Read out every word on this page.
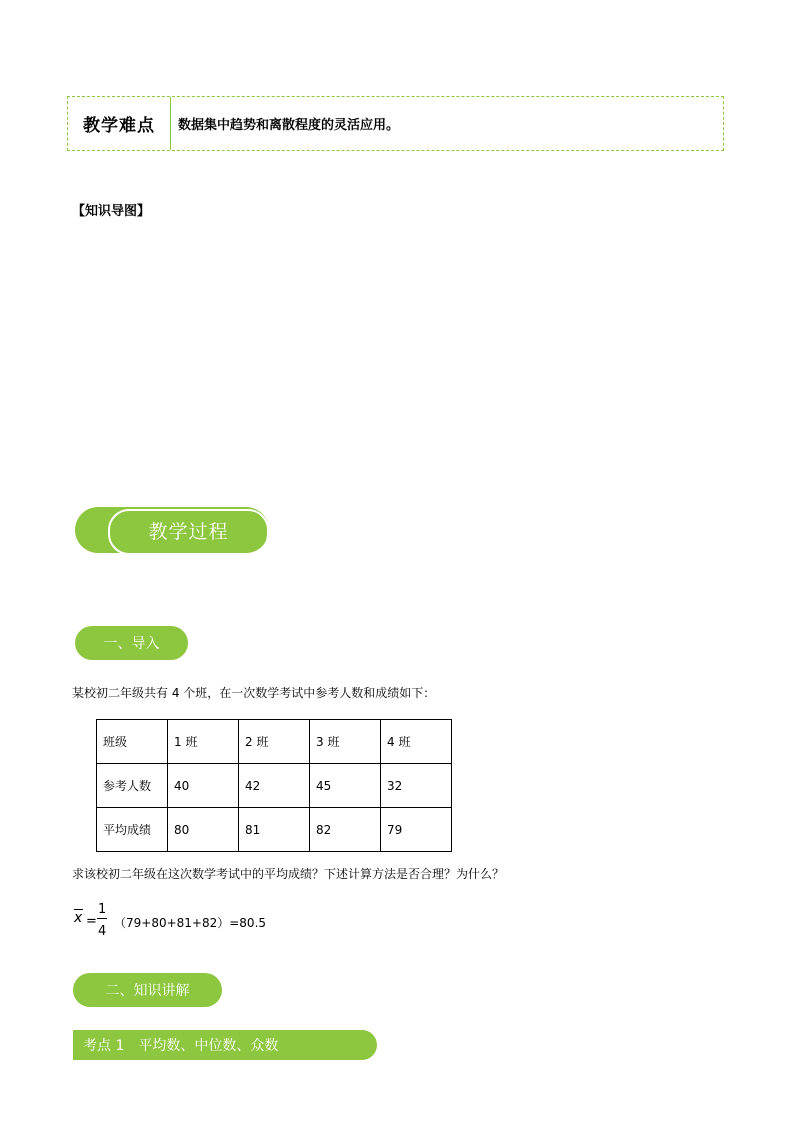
教学难点	数据集中趋势和离散程度的灵活应用。
【知识导图】
教学过程
一、导入
某校初二年级共有 4 个班，在一次数学考试中参考人数和成绩如下：
班级	1 班	2 班	3 班	4 班
参考人数	40	42	45	32
平均成绩	80	81	82	79
求该校初二年级在这次数学考试中的平均成绩？下述计算方法是否合理？为什么？
x =
1
4
（79+80+81+82）=80.5
二、知识讲解
考点 1　平均数、中位数、众数
